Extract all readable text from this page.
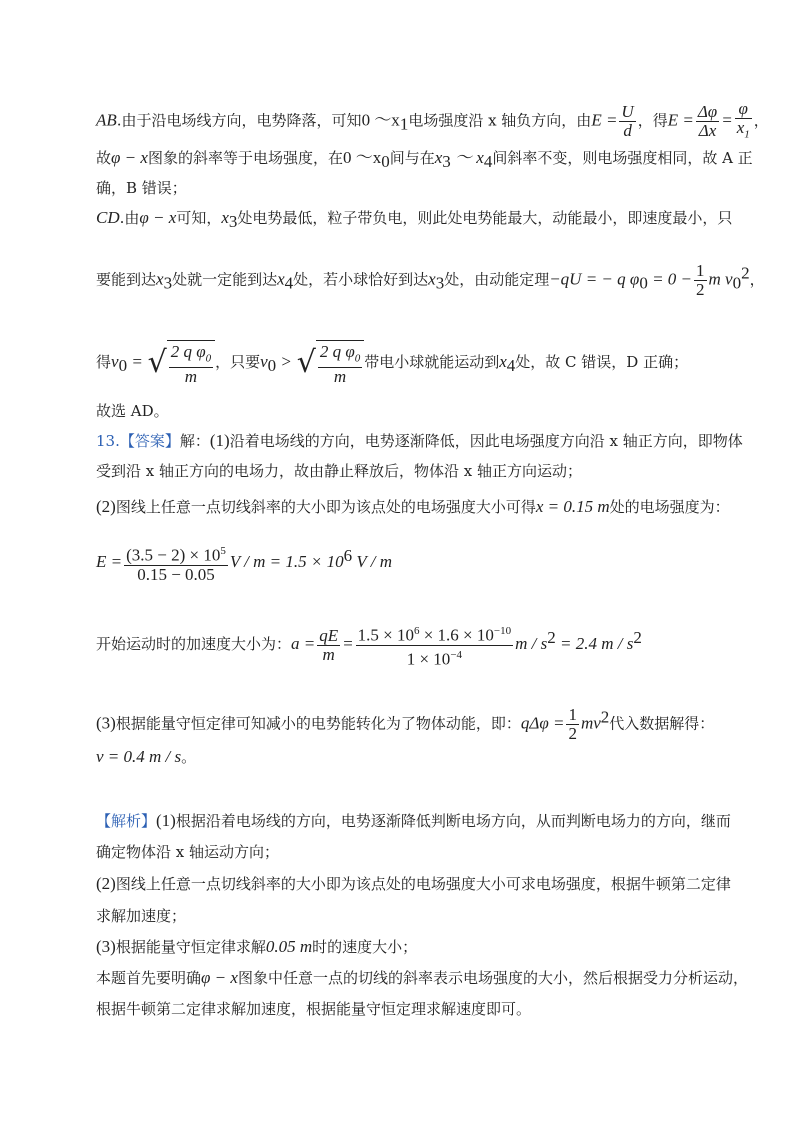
AB.由于沿电场线方向，电势降落，可知0 $\sim x_1$电场强度沿 x 轴负方向，由$E = \frac{U}{d}$ ，得$E = \frac{\Delta\varphi}{\Delta x} = \frac{\varphi}{x_1}$ ，
故φ − x图象的斜率等于电场强度，在0 $\sim x_0$间与在$x_3$ ～ $x_4$间斜率不变，则电场强度相同，故 A 正
确，B 错误；
CD.由φ − x可知，$x_3$处电势最低，粒子带负电，则此处电势能最大，动能最小，即速度最小，只
要能到达$x_3$处就一定能到达$x_4$处，若小球恰好到达$x_3$处，由动能定理−qU = − q $\varphi_0 = 0 - \frac{1}{2}$ m $v_0^2$，
得$v_0$ = √ $\frac{2 q \varphi_0}{m}$ ，只要$v_0$ > √ $\frac{2 q \varphi_0}{m}$ 带电小球就能运动到$x_4$处，故 C 错误，D 正确；
故选 AD。
13.【答案】解：(1)沿着电场线的方向，电势逐渐降低，因此电场强度方向沿 x 轴正方向，即物体
受到沿 x 轴正方向的电场力，故由静止释放后，物体沿 x 轴正方向运动；
(2)图线上任意一点切线斜率的大小即为该点处的电场强度大小可得x = 0.15 m处的电场强度为：
$E = \frac{(3.5 - 2) \times 10^5}{0.15 - 0.05}$ $V / m = 1.5 \times 10^6$ V / m
开始运动时的加速度大小为：$a = \frac{qE}{m} = \frac{1.5 \times 10^6 \times 1.6 \times 10^{-10}}{1 \times 10^{-4}}$ $m / s^2 = 2.4$ m / $s^2$
(3)根据能量守恒定律可知减小的电势能转化为了物体动能，即：$q\Delta\varphi = \frac{1}{2} mv^2$代入数据解得：
v = 0.4 m / s。
【解析】(1)根据沿着电场线的方向，电势逐渐降低判断电场方向，从而判断电场力的方向，继而
确定物体沿 x 轴运动方向；
(2)图线上任意一点切线斜率的大小即为该点处的电场强度大小可求电场强度，根据牛顿第二定律
求解加速度；
(3)根据能量守恒定律求解0.05 m时的速度大小；
本题首先要明确φ − x图象中任意一点的切线的斜率表示电场强度的大小，然后根据受力分析运动，
根据牛顿第二定律求解加速度，根据能量守恒定理求解速度即可。
